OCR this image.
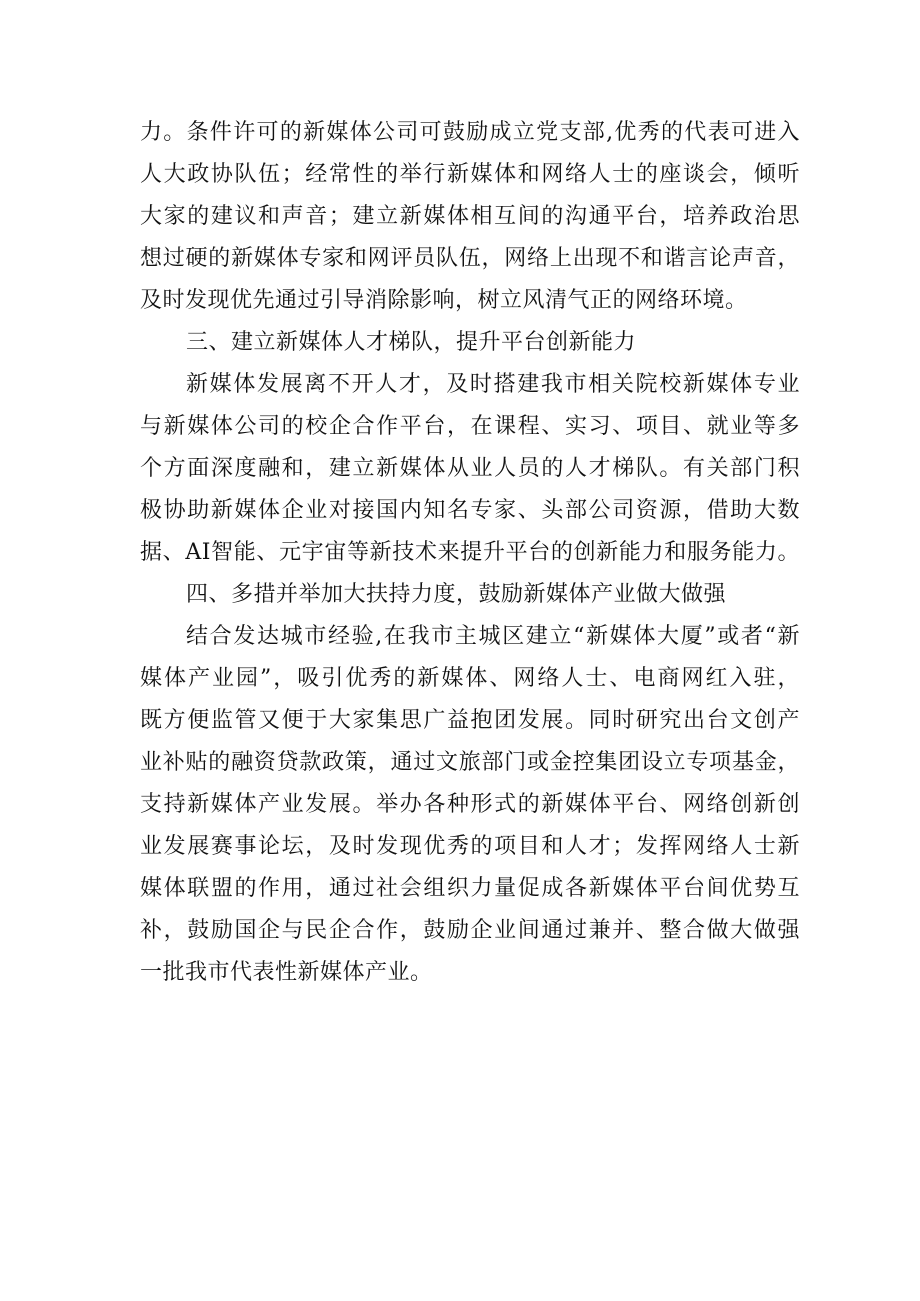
力。条件许可的新媒体公司可鼓励成立党支部,优秀的代表可进入
人大政协队伍；经常性的举行新媒体和网络人士的座谈会，倾听
大家的建议和声音；建立新媒体相互间的沟通平台，培养政治思
想过硬的新媒体专家和网评员队伍，网络上出现不和谐言论声音，
及时发现优先通过引导消除影响，树立风清气正的网络环境。
三、建立新媒体人才梯队，提升平台创新能力
新媒体发展离不开人才，及时搭建我市相关院校新媒体专业
与新媒体公司的校企合作平台，在课程、实习、项目、就业等多
个方面深度融和，建立新媒体从业人员的人才梯队。有关部门积
极协助新媒体企业对接国内知名专家、头部公司资源，借助大数
据、AI智能、元宇宙等新技术来提升平台的创新能力和服务能力。
四、多措并举加大扶持力度，鼓励新媒体产业做大做强
结合发达城市经验,在我市主城区建立“新媒体大厦”或者“新
媒体产业园”，吸引优秀的新媒体、网络人士、电商网红入驻，
既方便监管又便于大家集思广益抱团发展。同时研究出台文创产
业补贴的融资贷款政策，通过文旅部门或金控集团设立专项基金，
支持新媒体产业发展。举办各种形式的新媒体平台、网络创新创
业发展赛事论坛，及时发现优秀的项目和人才；发挥网络人士新
媒体联盟的作用，通过社会组织力量促成各新媒体平台间优势互
补，鼓励国企与民企合作，鼓励企业间通过兼并、整合做大做强
一批我市代表性新媒体产业。
